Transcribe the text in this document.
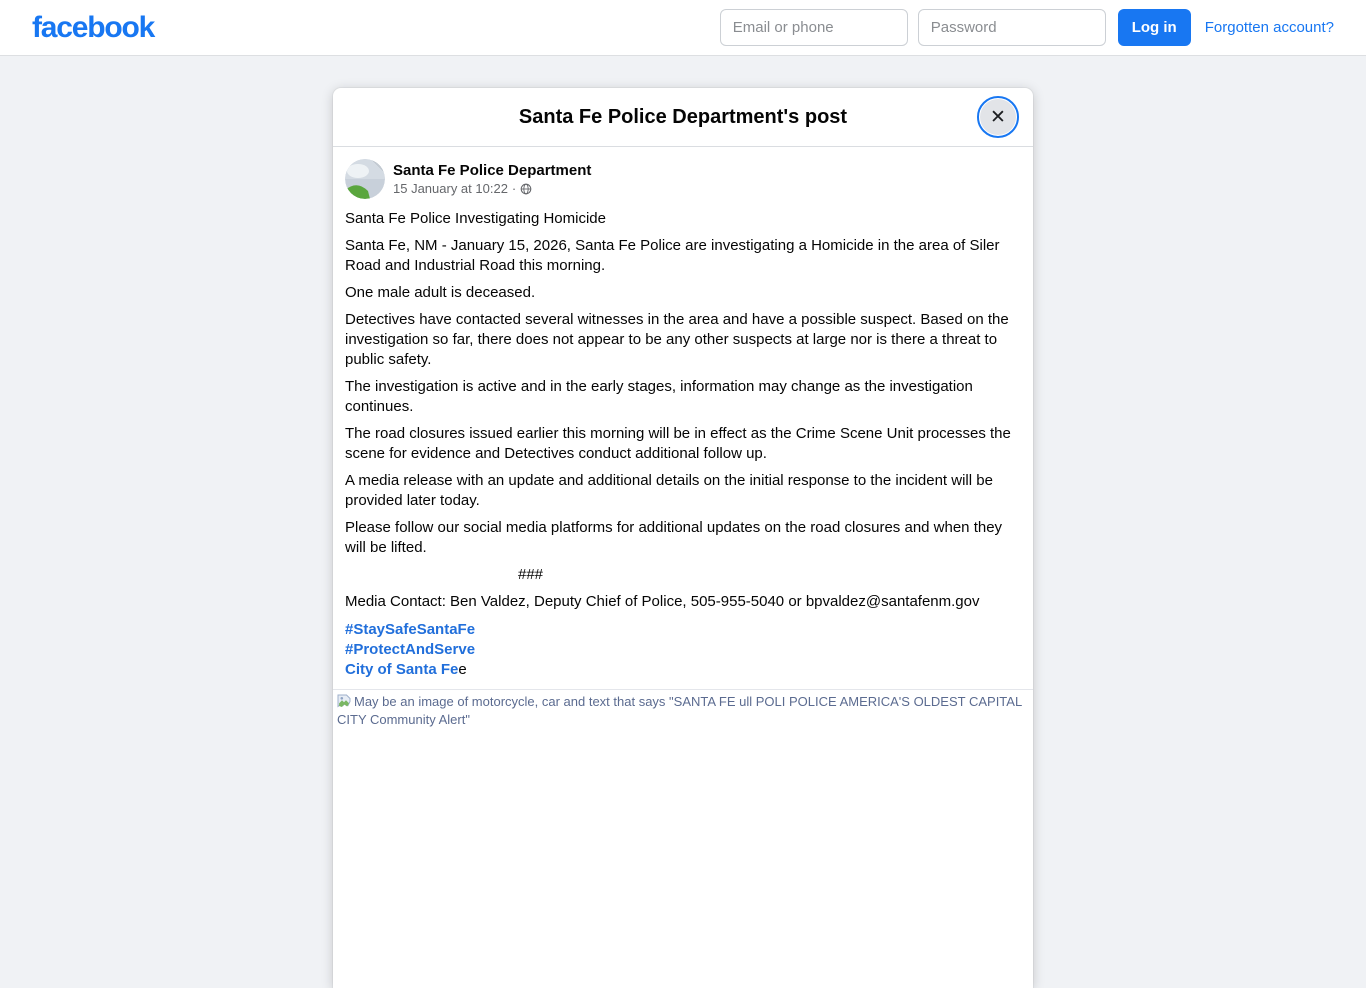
facebook
Email or phone	Log in	Forgotten account?
Santa Fe Police Department's post	✕
Santa Fe Police Department
15 January at 10:22 ·

Santa Fe Police Investigating Homicide

Santa Fe, NM - January 15, 2026, Santa Fe Police are investigating a Homicide in the area of Siler Road and Industrial Road this morning.

One male adult is deceased.

Detectives have contacted several witnesses in the area and have a possible suspect. Based on the investigation so far, there does not appear to be any other suspects at large nor is there a threat to public safety.

The investigation is active and in the early stages, information may change as the investigation continues.

The road closures issued earlier this morning will be in effect as the Crime Scene Unit processes the scene for evidence and Detectives conduct additional follow up.

A media release with an update and additional details on the initial response to the incident will be provided later today.

Please follow our social media platforms for additional updates on the road closures and when they will be lifted.

###

Media Contact: Ben Valdez, Deputy Chief of Police, 505-955-5040 or bpvaldez@santafenm.gov

#StaySafeSantaFe
#ProtectAndServe
City of Santa Fee
May be an image of motorcycle, car and text that says "SANTA FE ull POLI POLICE AMERICA'S OLDEST CAPITAL CITY Community Alert"
